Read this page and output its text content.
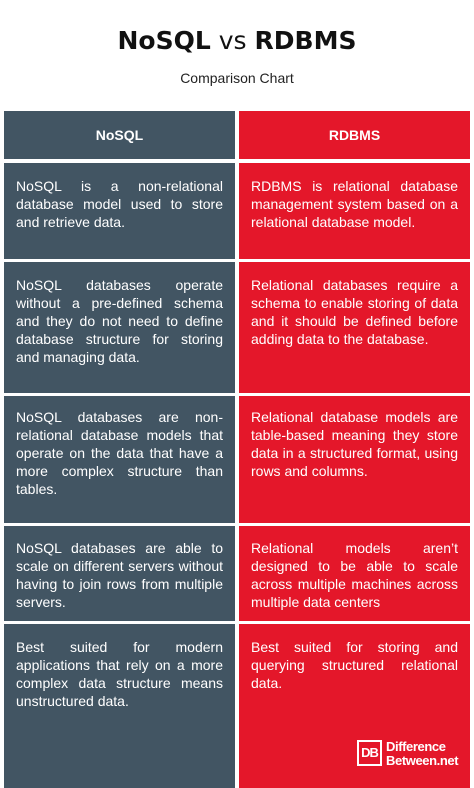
NoSQL vs RDBMS
Comparison Chart
NoSQL	RDBMS
NoSQL is a non-relational database model used to store and retrieve data.
RDBMS is relational database management system based on a relational database model.
NoSQL databases operate without a pre-defined schema and they do not need to define database structure for storing and managing data.
Relational databases require a schema to enable storing of data and it should be defined before adding data to the database.
NoSQL databases are non-relational database models that operate on the data that have a more complex structure than tables.
Relational database models are table-based meaning they store data in a structured format, using rows and columns.
NoSQL databases are able to scale on different servers without having to join rows from multiple servers.
Relational models aren’t designed to be able to scale across multiple machines across multiple data centers
Best suited for modern applications that rely on a more complex data structure means unstructured data.
Best suited for storing and querying structured relational data.
DB Difference
Between.net
